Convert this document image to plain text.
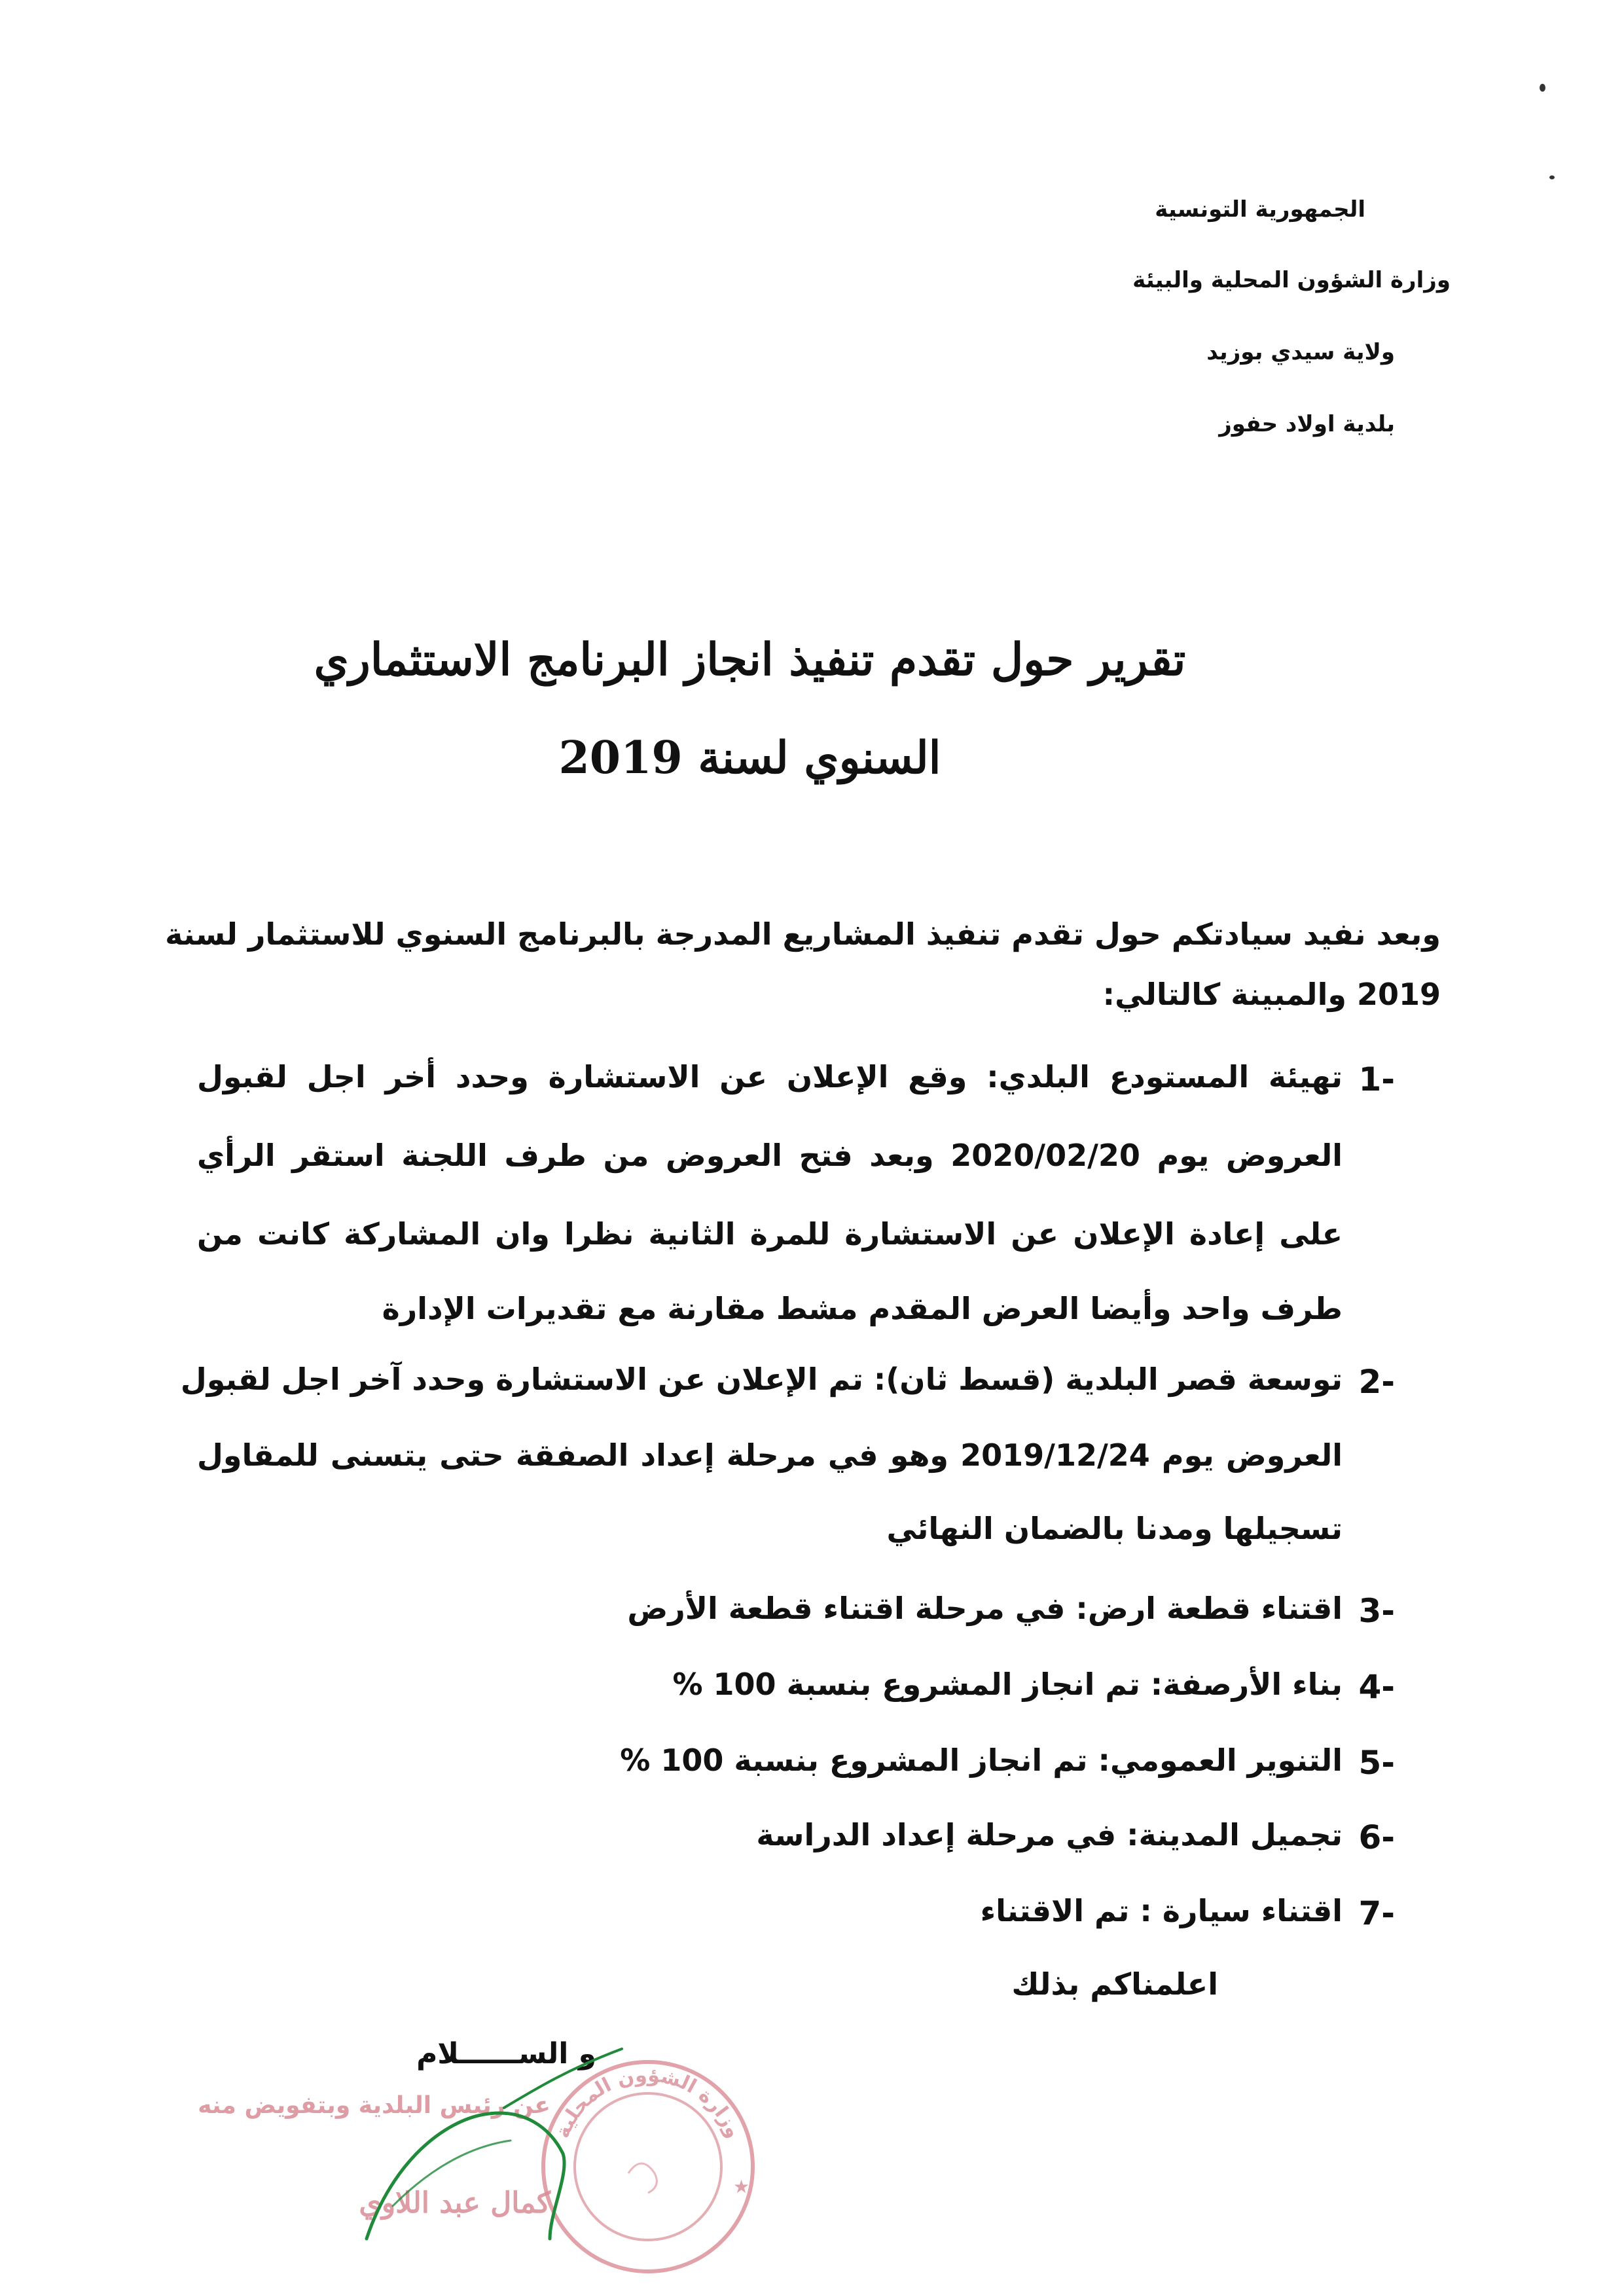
الجمهورية التونسية
وزارة الشؤون المحلية والبيئة
ولاية سيدي بوزيد
بلدية اولاد حفوز
تقرير حول تقدم تنفيذ انجاز البرنامج الاستثماري
السنوي لسنة 2019
وبعد نفيد سيادتكم حول تقدم تنفيذ المشاريع المدرجة بالبرنامج السنوي للاستثمار لسنة
2019 والمبينة كالتالي:
1-
تهيئة المستودع البلدي: وقع الإعلان عن الاستشارة وحدد أخر اجل لقبول
العروض يوم 2020/02/20 وبعد فتح العروض من طرف اللجنة استقر الرأي
على إعادة الإعلان عن الاستشارة للمرة الثانية نظرا وان المشاركة كانت من
طرف واحد وأيضا العرض المقدم مشط مقارنة مع تقديرات الإدارة
2-
توسعة قصر البلدية (قسط ثان): تم الإعلان عن الاستشارة وحدد آخر اجل لقبول
العروض يوم 2019/12/24 وهو في مرحلة إعداد الصفقة حتى يتسنى للمقاول
تسجيلها ومدنا بالضمان النهائي
3-
اقتناء قطعة ارض: في مرحلة اقتناء قطعة الأرض
4-
بناء الأرصفة: تم انجاز المشروع بنسبة 100 %
5-
التنوير العمومي: تم انجاز المشروع بنسبة 100 %
6-
تجميل المدينة: في مرحلة إعداد الدراسة
7-
اقتناء سيارة : تم الاقتناء
اعلمناكم بذلك
و الســــــلام
عن رئيس البلدية وبتفويض منه
كمال عبد اللاوي
وزارة الشؤون المحلية
★
